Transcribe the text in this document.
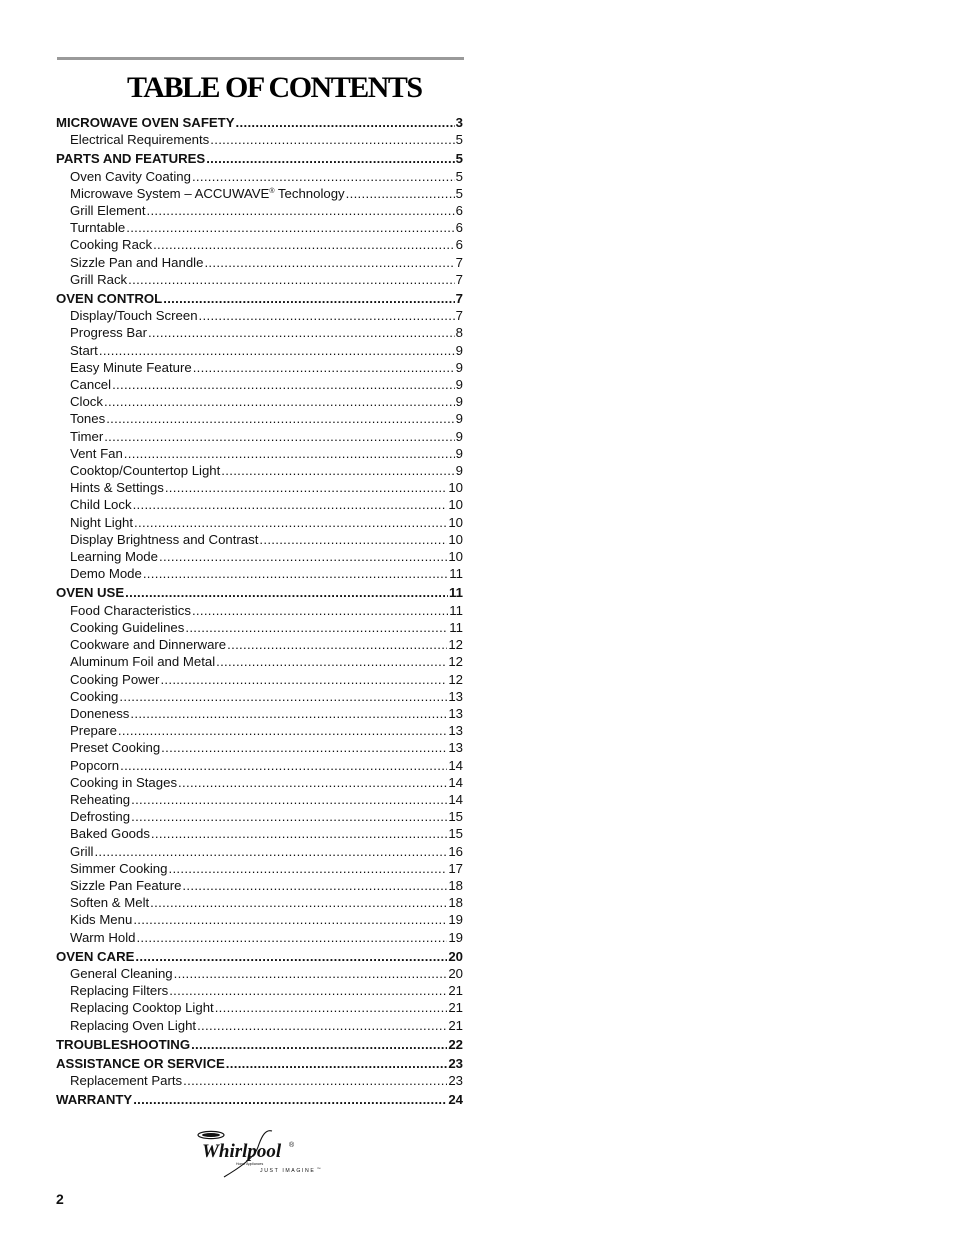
TABLE OF CONTENTS
MICROWAVE OVEN SAFETY .....	3
Electrical Requirements .....	5
PARTS AND FEATURES .....	5
Oven Cavity Coating .....	5
Microwave System – ACCUWAVE® Technology .....	5
Grill Element .....	6
Turntable .....	6
Cooking Rack .....	6
Sizzle Pan and Handle .....	7
Grill Rack .....	7
OVEN CONTROL .....	7
Display/Touch Screen .....	7
Progress Bar .....	8
Start .....	9
Easy Minute Feature .....	9
Cancel .....	9
Clock .....	9
Tones .....	9
Timer .....	9
Vent Fan .....	9
Cooktop/Countertop Light .....	9
Hints & Settings .....	10
Child Lock .....	10
Night Light .....	10
Display Brightness and Contrast .....	10
Learning Mode .....	10
Demo Mode .....	11
OVEN USE .....	11
Food Characteristics .....	11
Cooking Guidelines .....	11
Cookware and Dinnerware .....	12
Aluminum Foil and Metal .....	12
Cooking Power .....	12
Cooking .....	13
Doneness .....	13
Prepare .....	13
Preset Cooking .....	13
Popcorn .....	14
Cooking in Stages .....	14
Reheating .....	14
Defrosting .....	15
Baked Goods .....	15
Grill .....	16
Simmer Cooking .....	17
Sizzle Pan Feature .....	18
Soften & Melt .....	18
Kids Menu .....	19
Warm Hold .....	19
OVEN CARE .....	20
General Cleaning .....	20
Replacing Filters .....	21
Replacing Cooktop Light .....	21
Replacing Oven Light .....	21
TROUBLESHOOTING .....	22
ASSISTANCE OR SERVICE .....	23
Replacement Parts .....	23
WARRANTY .....	24
Whirlpool ®
Home Appliances
JUST IMAGINE ™
2
